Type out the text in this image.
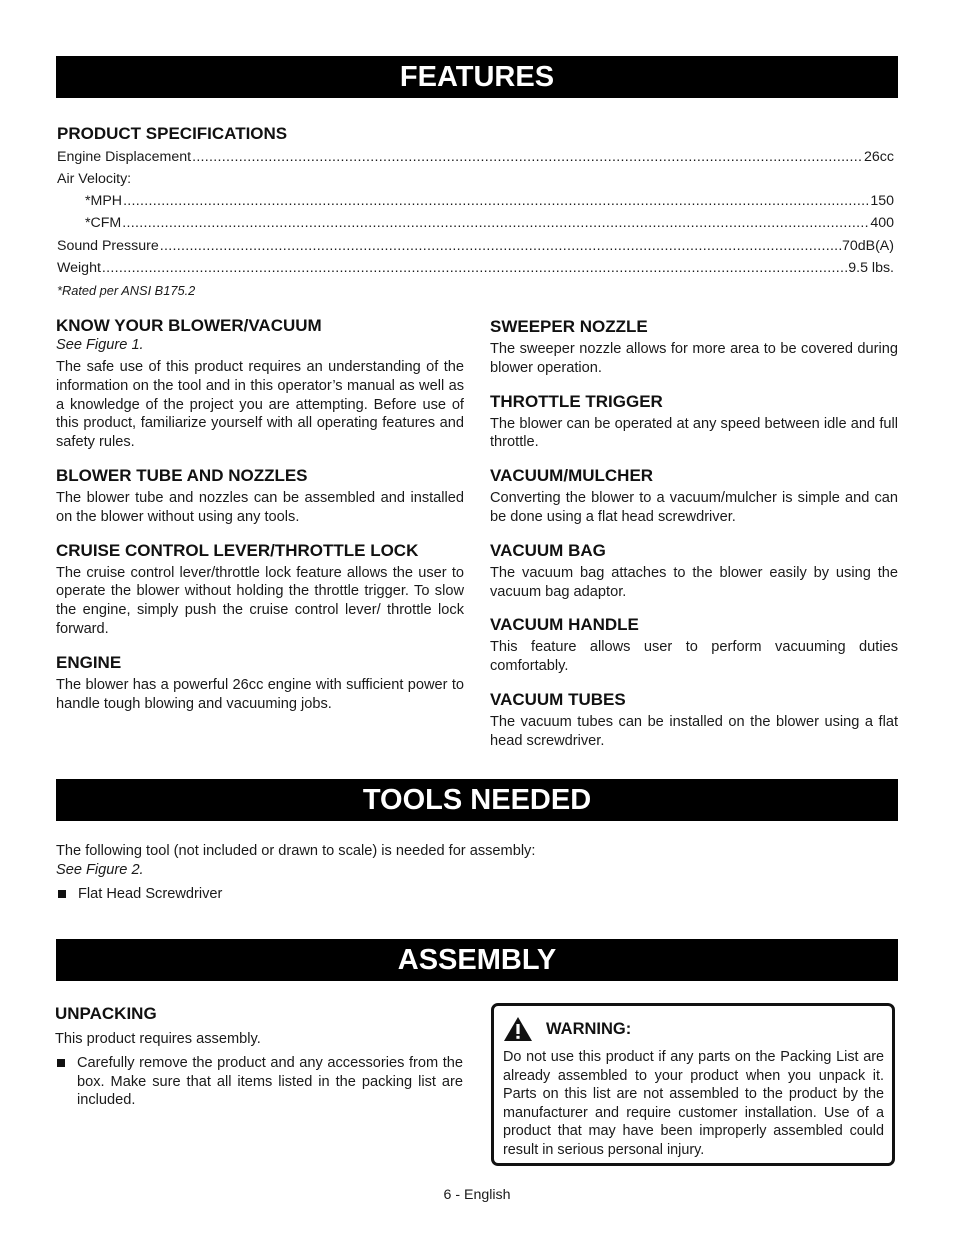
FEATURES
PRODUCT SPECIFICATIONS
Engine Displacement .....	26cc
Air Velocity:
*MPH .....	150
*CFM .....	400
Sound Pressure .....	70dB(A)
Weight .....	9.5 lbs.
*Rated per ANSI B175.2
KNOW YOUR BLOWER/VACUUM
See Figure 1.

The safe use of this product requires an understanding of the information on the tool and in this operator’s manual as well as a knowledge of the project you are attempting. Before use of this product, familiarize yourself with all operating features and safety rules.

BLOWER TUBE AND NOZZLES

The blower tube and nozzles can be assembled and installed on the blower without using any tools.

CRUISE CONTROL LEVER/THROTTLE LOCK

The cruise control lever/throttle lock feature allows the user to operate the blower without holding the throttle trigger. To slow the engine, simply push the cruise control lever/ throttle lock forward.

ENGINE

The blower has a powerful 26cc engine with sufficient power to handle tough blowing and vacuuming jobs.

SWEEPER NOZZLE

The sweeper nozzle allows for more area to be covered during blower operation.

THROTTLE TRIGGER

The blower can be operated at any speed between idle and full throttle.

VACUUM/MULCHER

Converting the blower to a vacuum/mulcher is simple and can be done using a flat head screwdriver.

VACUUM BAG

The vacuum bag attaches to the blower easily by using the vacuum bag adaptor.

VACUUM HANDLE

This feature allows user to perform vacuuming duties comfortably.

VACUUM TUBES

The vacuum tubes can be installed on the blower using a flat head screwdriver.

TOOLS NEEDED
The following tool (not included or drawn to scale) is needed for assembly:
See Figure 2.
Flat Head Screwdriver
ASSEMBLY
UNPACKING
This product requires assembly.
Carefully remove the product and any accessories from the box. Make sure that all items listed in the packing list are included.
WARNING:

Do not use this product if any parts on the Packing List are already assembled to your product when you unpack it. Parts on this list are not assembled to the product by the manufacturer and require customer installation. Use of a product that may have been improperly assembled could result in serious personal injury.

6 - English
